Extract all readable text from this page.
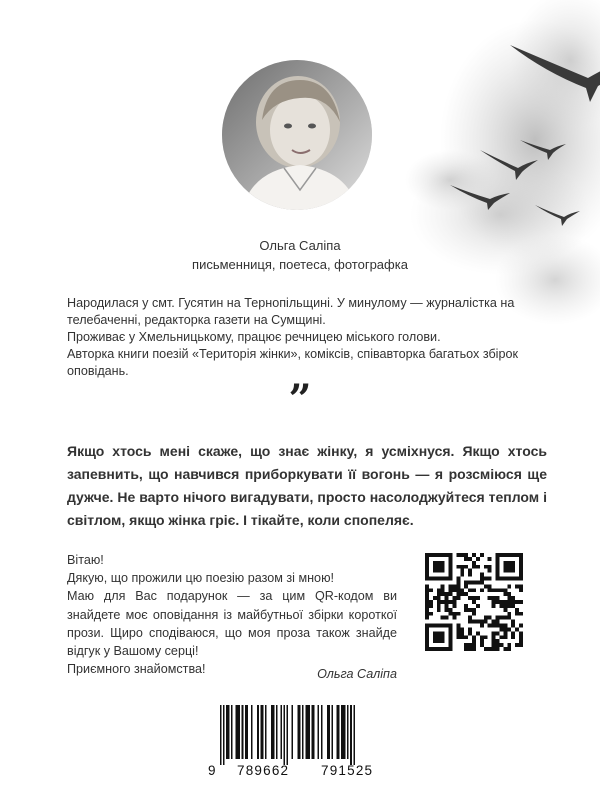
Ольга Саліпа
письменниця, поетеса, фотографка

Народилася у смт. Гусятин на Тернопільщині. У минулому — журналістка на телебаченні, редакторка газети на Сумщині.

Проживає у Хмельницькому, працює речницею міського голови.

Авторка книги поезій «Територія жінки», коміксів, співавторка багатьох збірок оповідань.

”
Якщо хтось мені скаже, що знає жінку, я усміхнуся. Якщо хтось запевнить, що навчився приборкувати її вогонь — я розсміюся ще дужче. Не варто нічого вигадувати, просто насолоджуйтеся теплом і світлом, якщо жінка гріє. І тікайте, коли спопеляє.

Вітаю!

Дякую, що прожили цю поезію разом зі мною!

Маю для Вас подарунок — за цим QR-кодом ви знайдете моє оповідання із майбутньої збірки короткої прози. Щиро сподіваюся, що моя проза також знайде відгук у Вашому серці!

Приємного знайомства!	Ольга Саліпа
9 789662 791525
